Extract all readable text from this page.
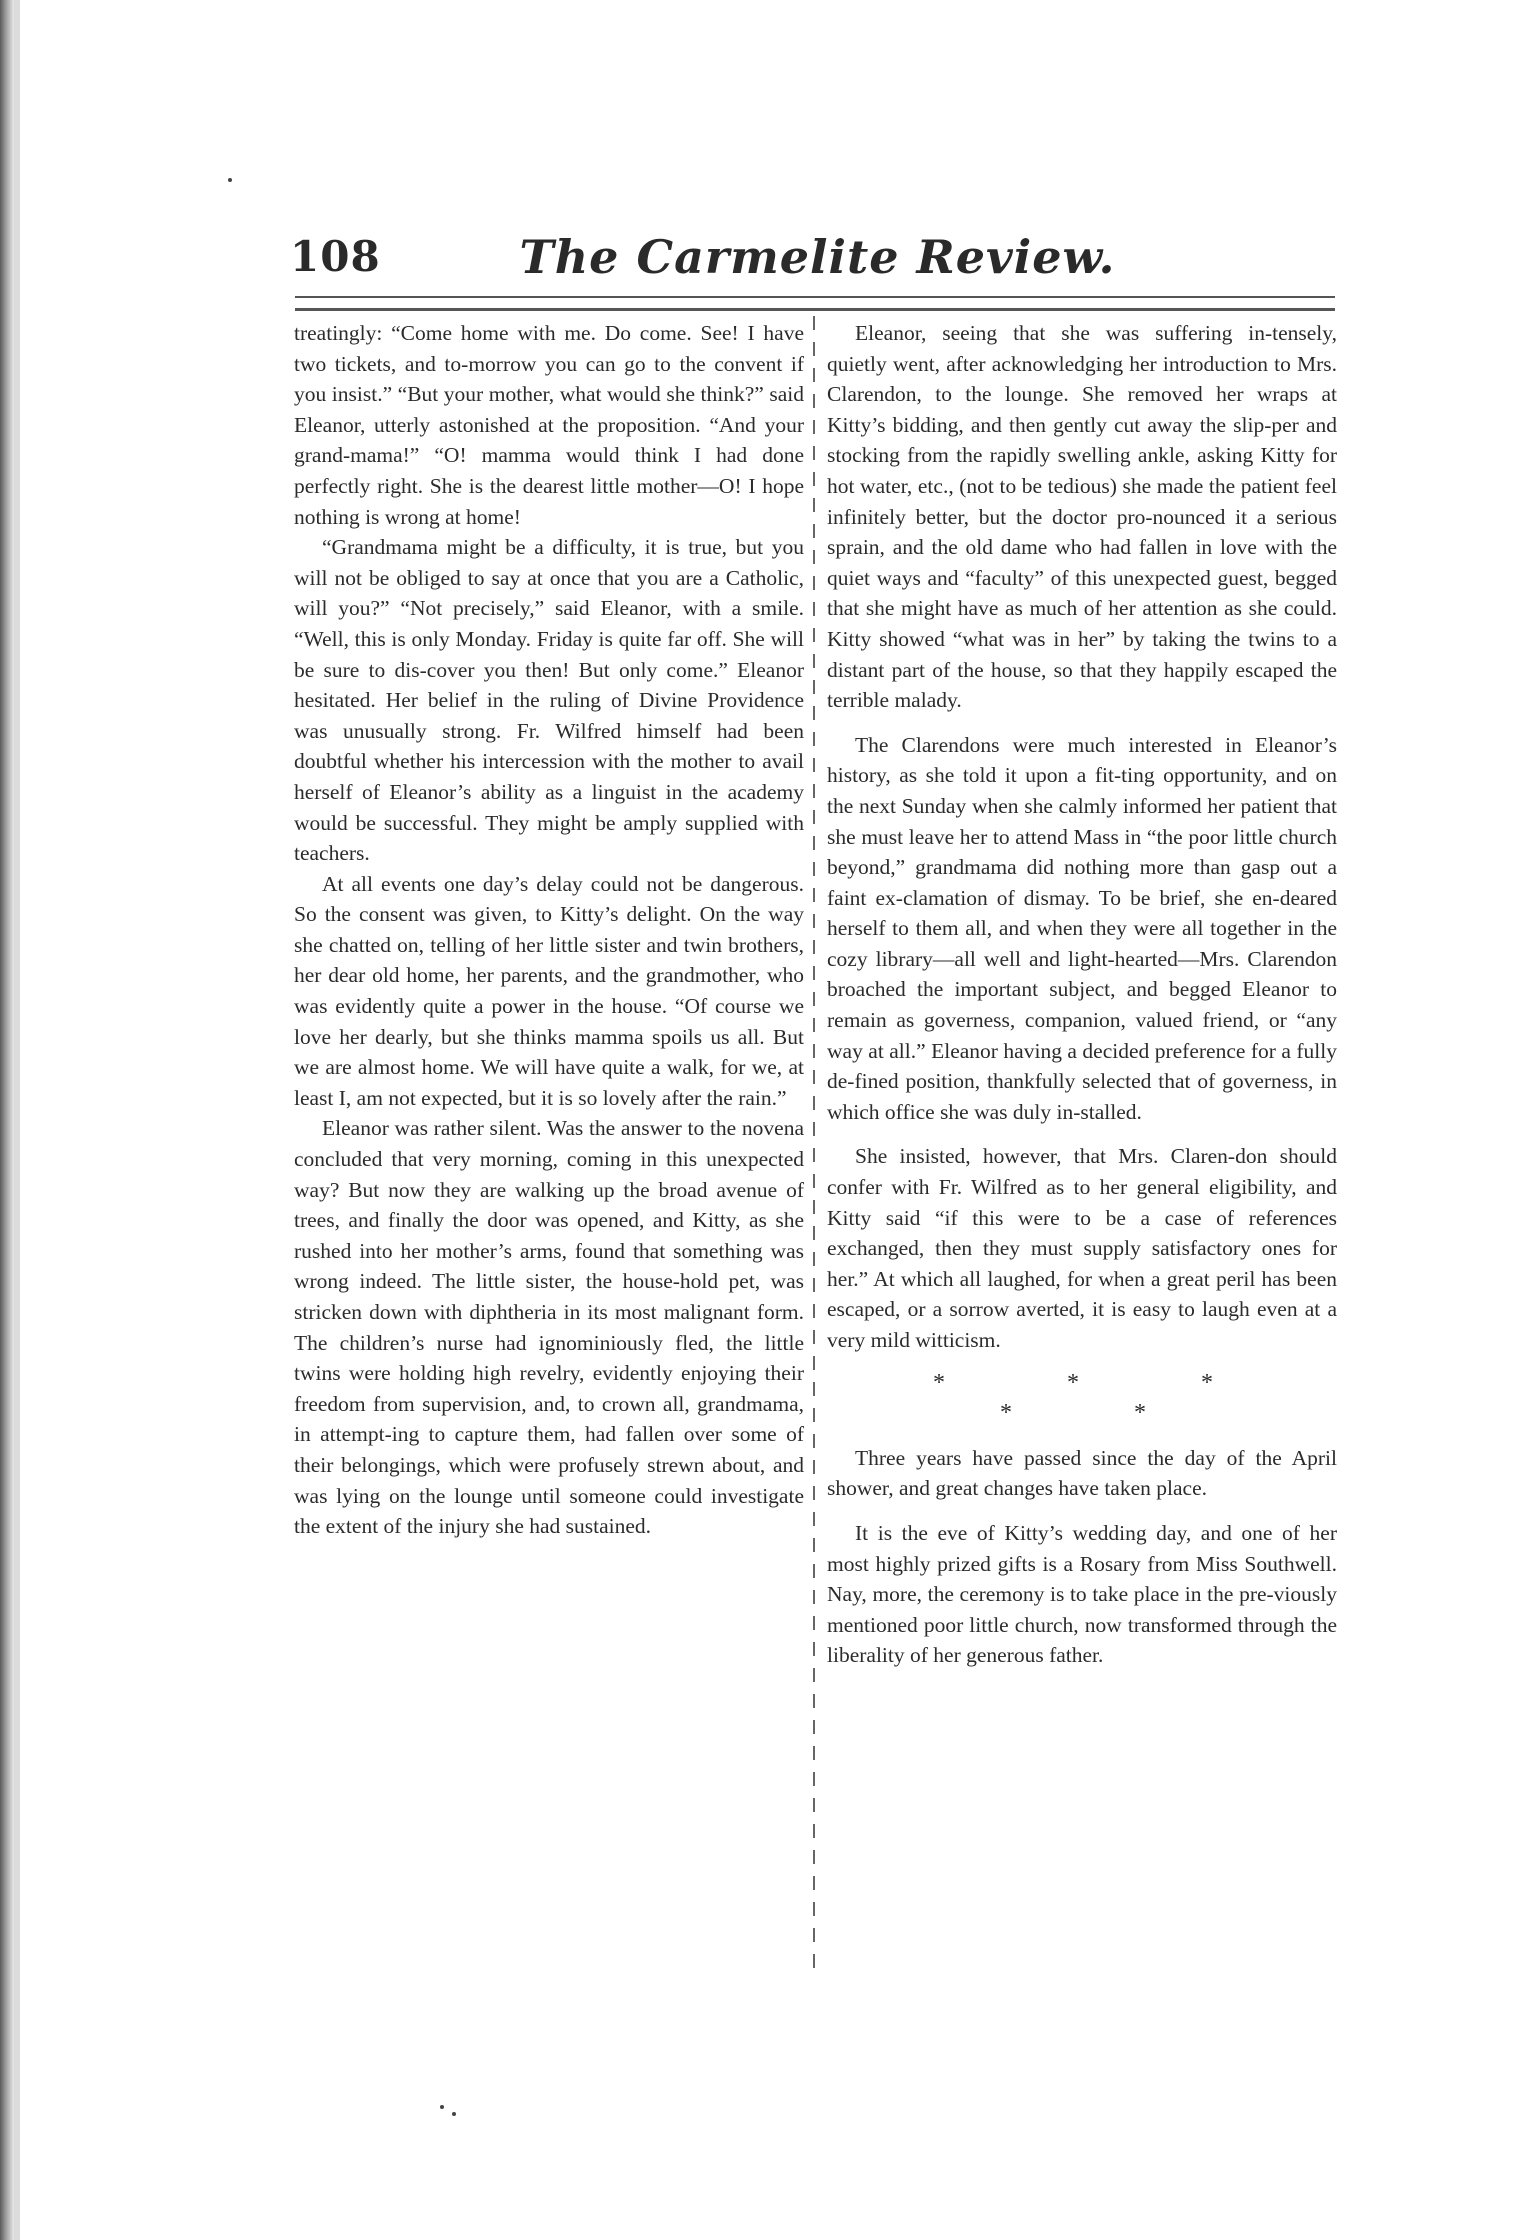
108	The Carmelite Review.

treatingly: “Come home with me. Do come. See! I have two tickets, and to-morrow you can go to the convent if you insist.” “But your mother, what would she think?” said Eleanor, utterly astonished at the proposition. “And your grand-mama!” “O! mamma would think I had done perfectly right. She is the dearest little mother—O! I hope nothing is wrong at home!

“Grandmama might be a difficulty, it is true, but you will not be obliged to say at once that you are a Catholic, will you?” “Not precisely,” said Eleanor, with a smile. “Well, this is only Monday. Friday is quite far off. She will be sure to dis-cover you then! But only come.” Eleanor hesitated. Her belief in the ruling of Divine Providence was unusually strong. Fr. Wilfred himself had been doubtful whether his intercession with the mother to avail herself of Eleanor’s ability as a linguist in the academy would be successful. They might be amply supplied with teachers.

At all events one day’s delay could not be dangerous. So the consent was given, to Kitty’s delight. On the way she chatted on, telling of her little sister and twin brothers, her dear old home, her parents, and the grandmother, who was evidently quite a power in the house. “Of course we love her dearly, but she thinks mamma spoils us all. But we are almost home. We will have quite a walk, for we, at least I, am not expected, but it is so lovely after the rain.”

Eleanor was rather silent. Was the answer to the novena concluded that very morning, coming in this unexpected way? But now they are walking up the broad avenue of trees, and finally the door was opened, and Kitty, as she rushed into her mother’s arms, found that something was wrong indeed. The little sister, the house-hold pet, was stricken down with diphtheria in its most malignant form. The children’s nurse had ignominiously fled, the little twins were holding high revelry, evidently enjoying their freedom from supervision, and, to crown all, grandmama, in attempt-ing to capture them, had fallen over some of their belongings, which were profusely strewn about, and was lying on the lounge until someone could investigate the extent of the injury she had sustained.

Eleanor, seeing that she was suffering in-tensely, quietly went, after acknowledging her introduction to Mrs. Clarendon, to the lounge. She removed her wraps at Kitty’s bidding, and then gently cut away the slip-per and stocking from the rapidly swelling ankle, asking Kitty for hot water, etc., (not to be tedious) she made the patient feel infinitely better, but the doctor pro-nounced it a serious sprain, and the old dame who had fallen in love with the quiet ways and “faculty” of this unexpected guest, begged that she might have as much of her attention as she could. Kitty showed “what was in her” by taking the twins to a distant part of the house, so that they happily escaped the terrible malady.

The Clarendons were much interested in Eleanor’s history, as she told it upon a fit-ting opportunity, and on the next Sunday when she calmly informed her patient that she must leave her to attend Mass in “the poor little church beyond,” grandmama did nothing more than gasp out a faint ex-clamation of dismay. To be brief, she en-deared herself to them all, and when they were all together in the cozy library—all well and light-hearted—Mrs. Clarendon broached the important subject, and begged Eleanor to remain as governess, companion, valued friend, or “any way at all.” Eleanor having a decided preference for a fully de-fined position, thankfully selected that of governess, in which office she was duly in-stalled.

She insisted, however, that Mrs. Claren-don should confer with Fr. Wilfred as to her general eligibility, and Kitty said “if this were to be a case of references exchanged, then they must supply satisfactory ones for her.” At which all laughed, for when a great peril has been escaped, or a sorrow averted, it is easy to laugh even at a very mild witticism.

* * * * *

Three years have passed since the day of the April shower, and great changes have taken place.

It is the eve of Kitty’s wedding day, and one of her most highly prized gifts is a Rosary from Miss Southwell. Nay, more, the ceremony is to take place in the pre-viously mentioned poor little church, now transformed through the liberality of her generous father.
